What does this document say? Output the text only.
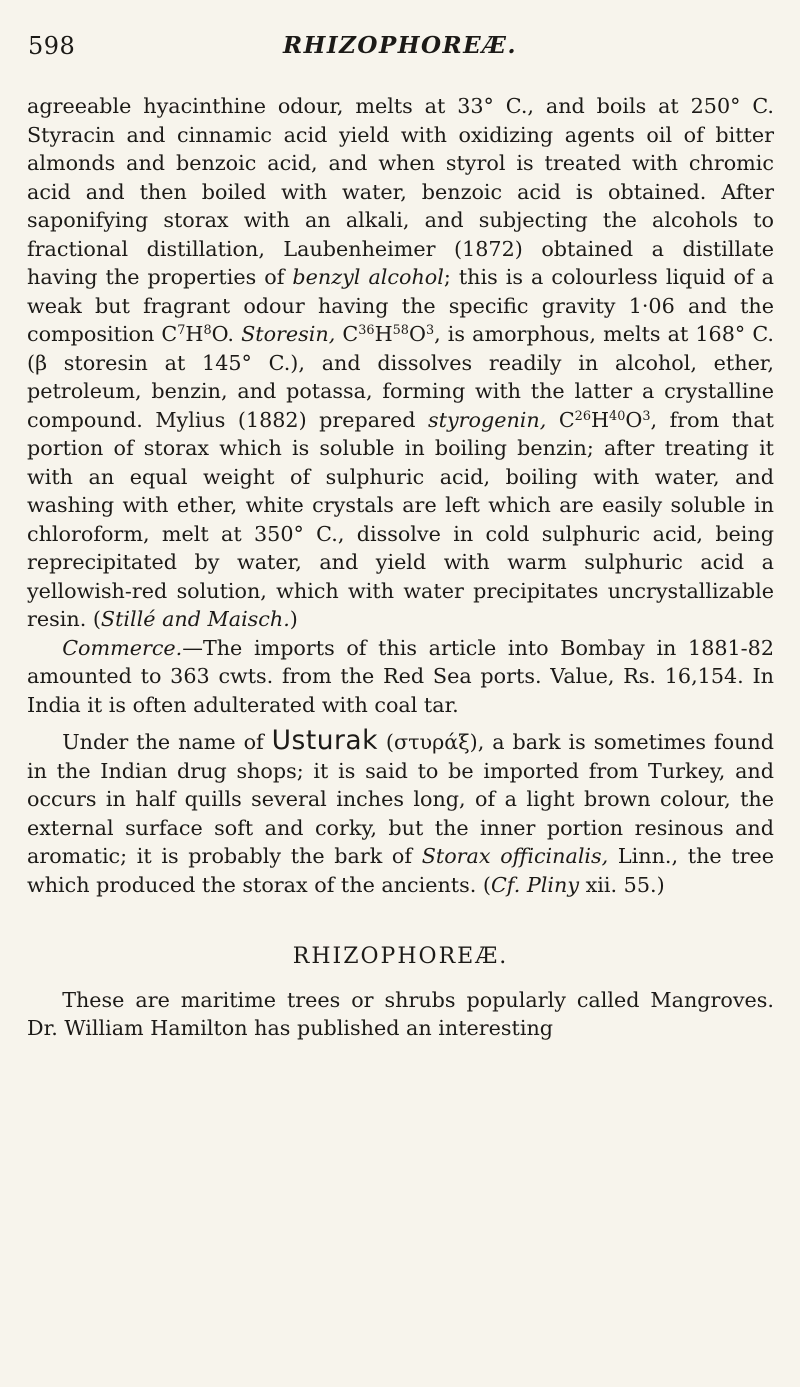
598	RHIZOPHOREÆ.

agreeable hyacinthine odour, melts at 33° C., and boils at 250° C. Styracin and cinnamic acid yield with oxidizing agents oil of bitter almonds and benzoic acid, and when styrol is treated with chromic acid and then boiled with water, benzoic acid is obtained. After saponifying storax with an alkali, and subjecting the alcohols to fractional distillation, Laubenheimer (1872) obtained a distillate having the properties of benzyl alcohol; this is a colourless liquid of a weak but fragrant odour having the specific gravity 1·06 and the composition $C^7H^8O$. Storesin, $C^{36}H^{58}O^3$, is amorphous, melts at 168° C. (β storesin at 145° C.), and dissolves readily in alcohol, ether, petroleum, benzin, and potassa, forming with the latter a crystalline compound. Mylius (1882) prepared styrogenin, $C^{26}H^{40}O^3$, from that portion of storax which is soluble in boiling benzin; after treating it with an equal weight of sulphuric acid, boiling with water, and washing with ether, white crystals are left which are easily soluble in chloroform, melt at 350° C., dissolve in cold sulphuric acid, being reprecipitated by water, and yield with warm sulphuric acid a yellowish-red solution, which with water precipitates uncrystallizable resin. (Stillé and Maisch.)

Commerce.—The imports of this article into Bombay in 1881-82 amounted to 363 cwts. from the Red Sea ports. Value, Rs. 16,154. In India it is often adulterated with coal tar.

Under the name of Usturak (στυράξ), a bark is sometimes found in the Indian drug shops; it is said to be imported from Turkey, and occurs in half quills several inches long, of a light brown colour, the external surface soft and corky, but the inner portion resinous and aromatic; it is probably the bark of Storax officinalis, Linn., the tree which produced the storax of the ancients. (Cf. Pliny xii. 55.)

RHIZOPHOREÆ.

These are maritime trees or shrubs popularly called Mangroves. Dr. William Hamilton has published an interesting
